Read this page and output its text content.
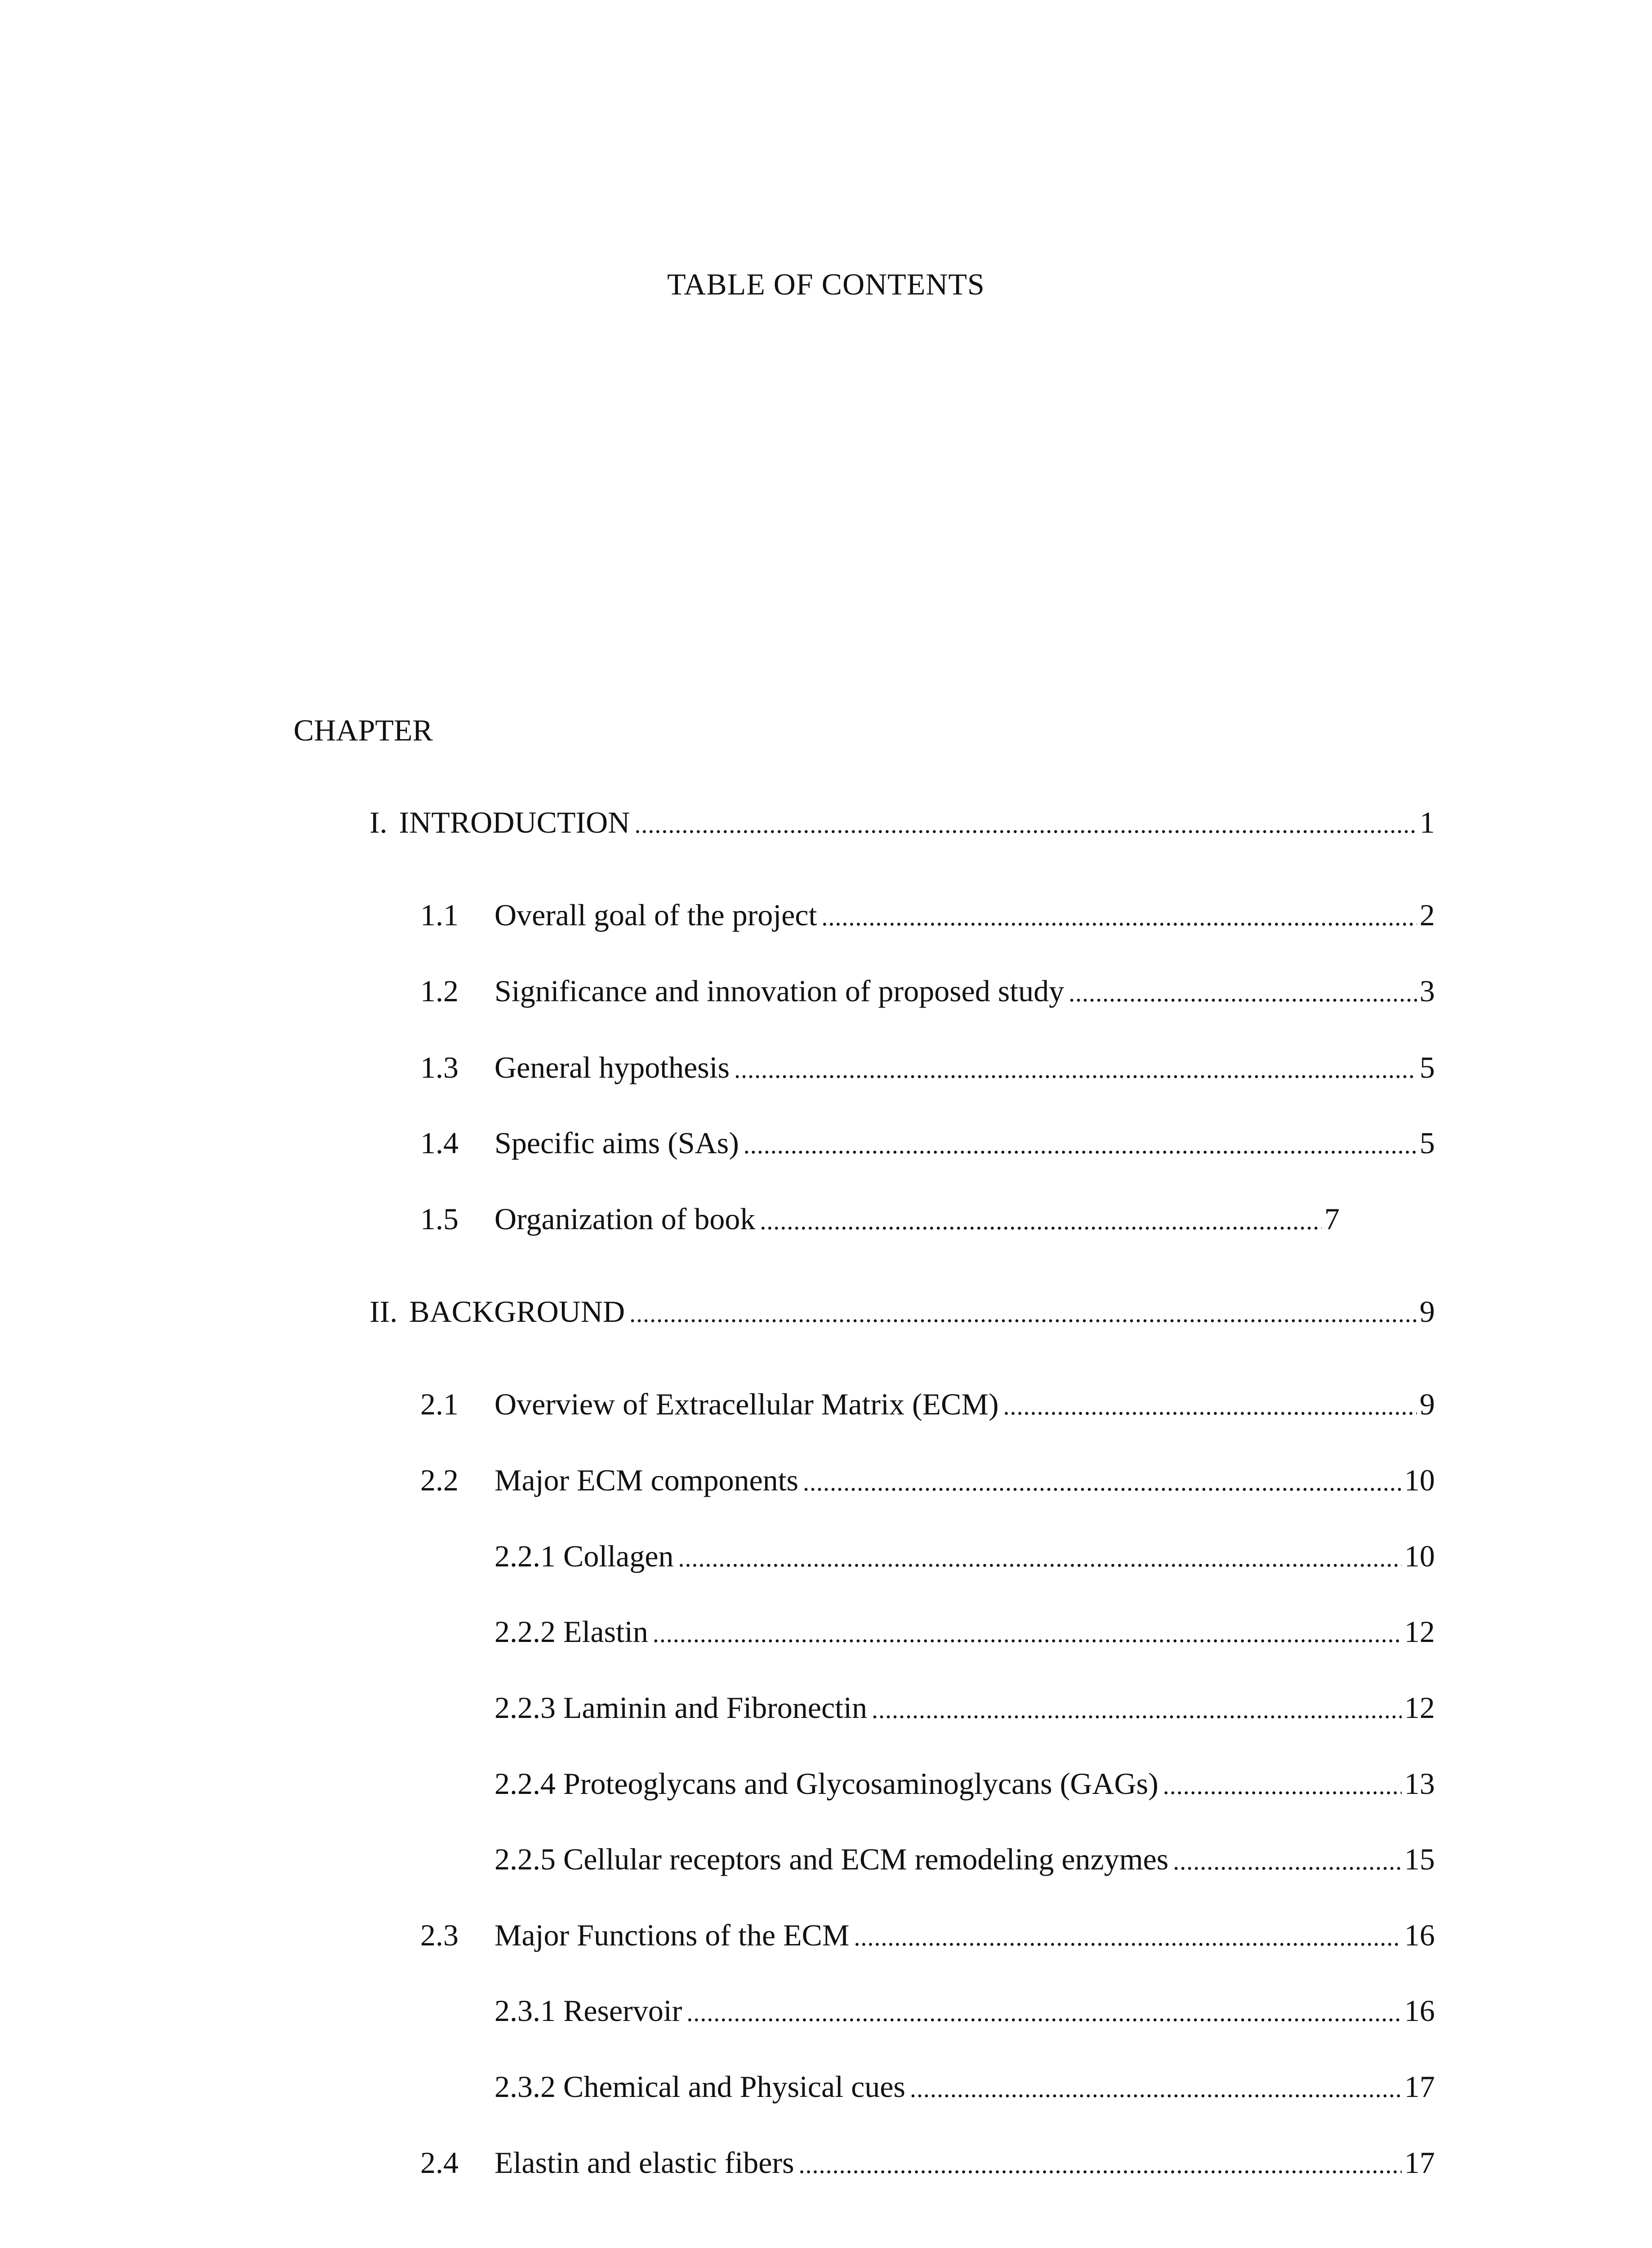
TABLE OF CONTENTS
CHAPTER
I. INTRODUCTION .....	1
1.1	Overall goal of the project .....	2
1.2	Significance and innovation of proposed study .....	3
1.3	General hypothesis .....	5
1.4	Specific aims (SAs) .....	5
1.5	Organization of book .....	7
II. BACKGROUND .....	9
2.1	Overview of Extracellular Matrix (ECM) .....	9
2.2	Major ECM components .....	10
2.2.1 Collagen .....	10
2.2.2 Elastin .....	12
2.2.3 Laminin and Fibronectin .....	12
2.2.4 Proteoglycans and Glycosaminoglycans (GAGs) .....	13
2.2.5 Cellular receptors and ECM remodeling enzymes .....	15
2.3	Major Functions of the ECM .....	16
2.3.1 Reservoir .....	16
2.3.2 Chemical and Physical cues .....	17
2.4	Elastin and elastic fibers .....	17
